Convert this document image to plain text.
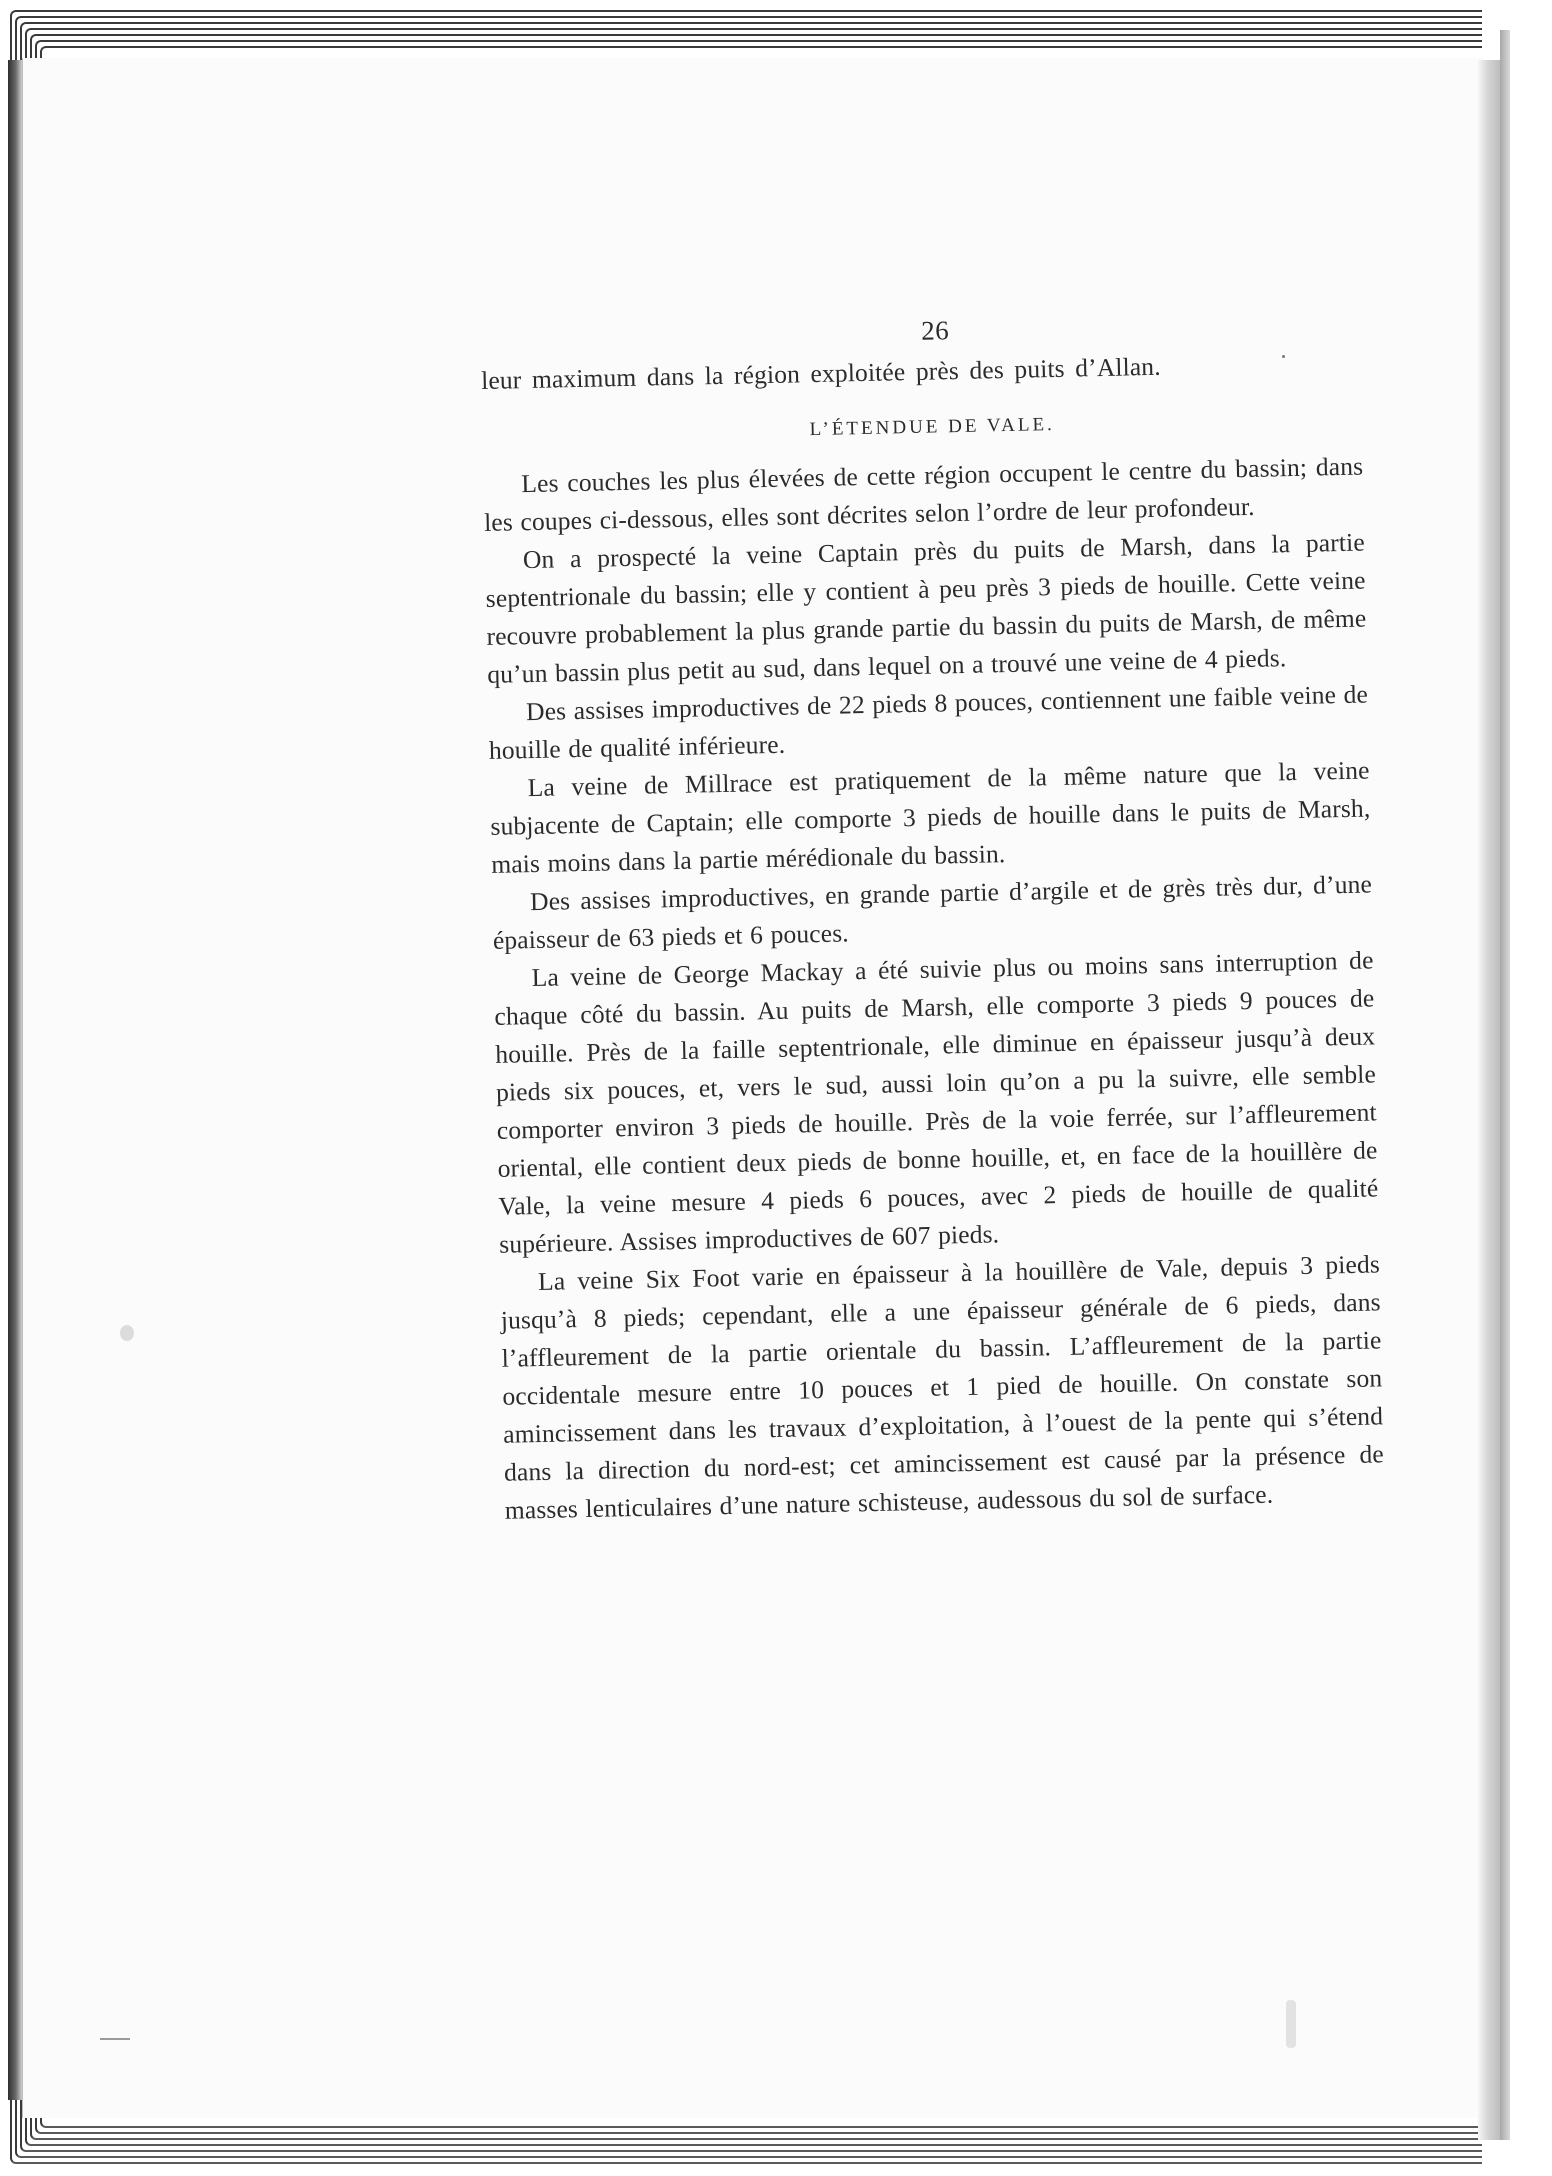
26

leur maximum dans la région exploitée près des puits d’Allan.

L’ÉTENDUE DE VALE.

Les couches les plus élevées de cette région occupent le centre du bassin; dans les coupes ci-dessous, elles sont décrites selon l’ordre de leur profondeur.

On a prospecté la veine Captain près du puits de Marsh, dans la partie septentrionale du bassin; elle y contient à peu près 3 pieds de houille. Cette veine recouvre probablement la plus grande partie du bassin du puits de Marsh, de même qu’un bassin plus petit au sud, dans lequel on a trouvé une veine de 4 pieds.

Des assises improductives de 22 pieds 8 pouces, contiennent une faible veine de houille de qualité inférieure.

La veine de Millrace est pratiquement de la même nature que la veine subjacente de Captain; elle comporte 3 pieds de houille dans le puits de Marsh, mais moins dans la partie mérédionale du bassin.

Des assises improductives, en grande partie d’argile et de grès très dur, d’une épaisseur de 63 pieds et 6 pouces.

La veine de George Mackay a été suivie plus ou moins sans interruption de chaque côté du bassin. Au puits de Marsh, elle comporte 3 pieds 9 pouces de houille. Près de la faille septentrionale, elle diminue en épaisseur jusqu’à deux pieds six pouces, et, vers le sud, aussi loin qu’on a pu la suivre, elle semble comporter environ 3 pieds de houille. Près de la voie ferrée, sur l’affleurement oriental, elle contient deux pieds de bonne houille, et, en face de la houillère de Vale, la veine mesure 4 pieds 6 pouces, avec 2 pieds de houille de qualité supérieure. Assises improductives de 607 pieds.

La veine Six Foot varie en épaisseur à la houillère de Vale, depuis 3 pieds jusqu’à 8 pieds; cependant, elle a une épaisseur générale de 6 pieds, dans l’affleurement de la partie orientale du bassin. L’affleurement de la partie occidentale mesure entre 10 pouces et 1 pied de houille. On constate son amincissement dans les travaux d’exploitation, à l’ouest de la pente qui s’étend dans la direction du nord-est; cet amincissement est causé par la présence de masses lenticulaires d’une nature schisteuse, audessous du sol de surface.
